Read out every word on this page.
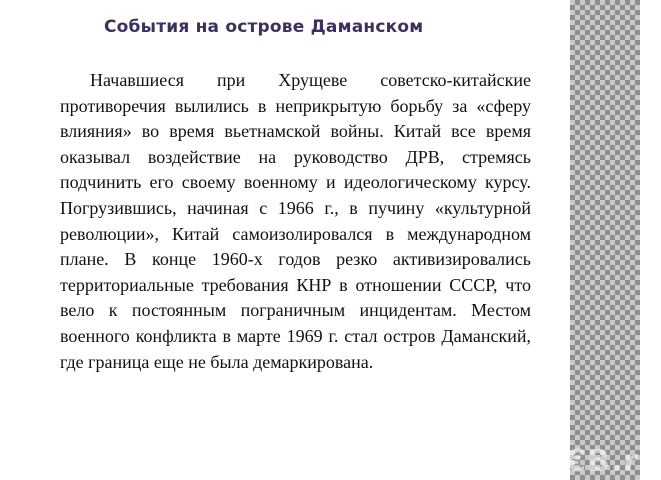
События на острове Даманском

Начавшиеся при Хрущеве советско-китайские противоречия вылились в неприкрытую борьбу за «сферу влияния» во время вьетнамской войны. Китай все время оказывал воздействие на руководство ДРВ, стремясь подчинить его своему военному и идеологическому курсу. Погрузившись, начиная с 1966 г., в пучину «культурной революции», Китай самоизолировался в международном плане. В конце 1960-х годов резко активизировались территориальные требования КНР в отношении СССР, что вело к постоянным пограничным инцидентам. Местом военного конфликта в марте 1969 г. стал остров Даманский, где граница еще не была демаркирована.

€B.ru
